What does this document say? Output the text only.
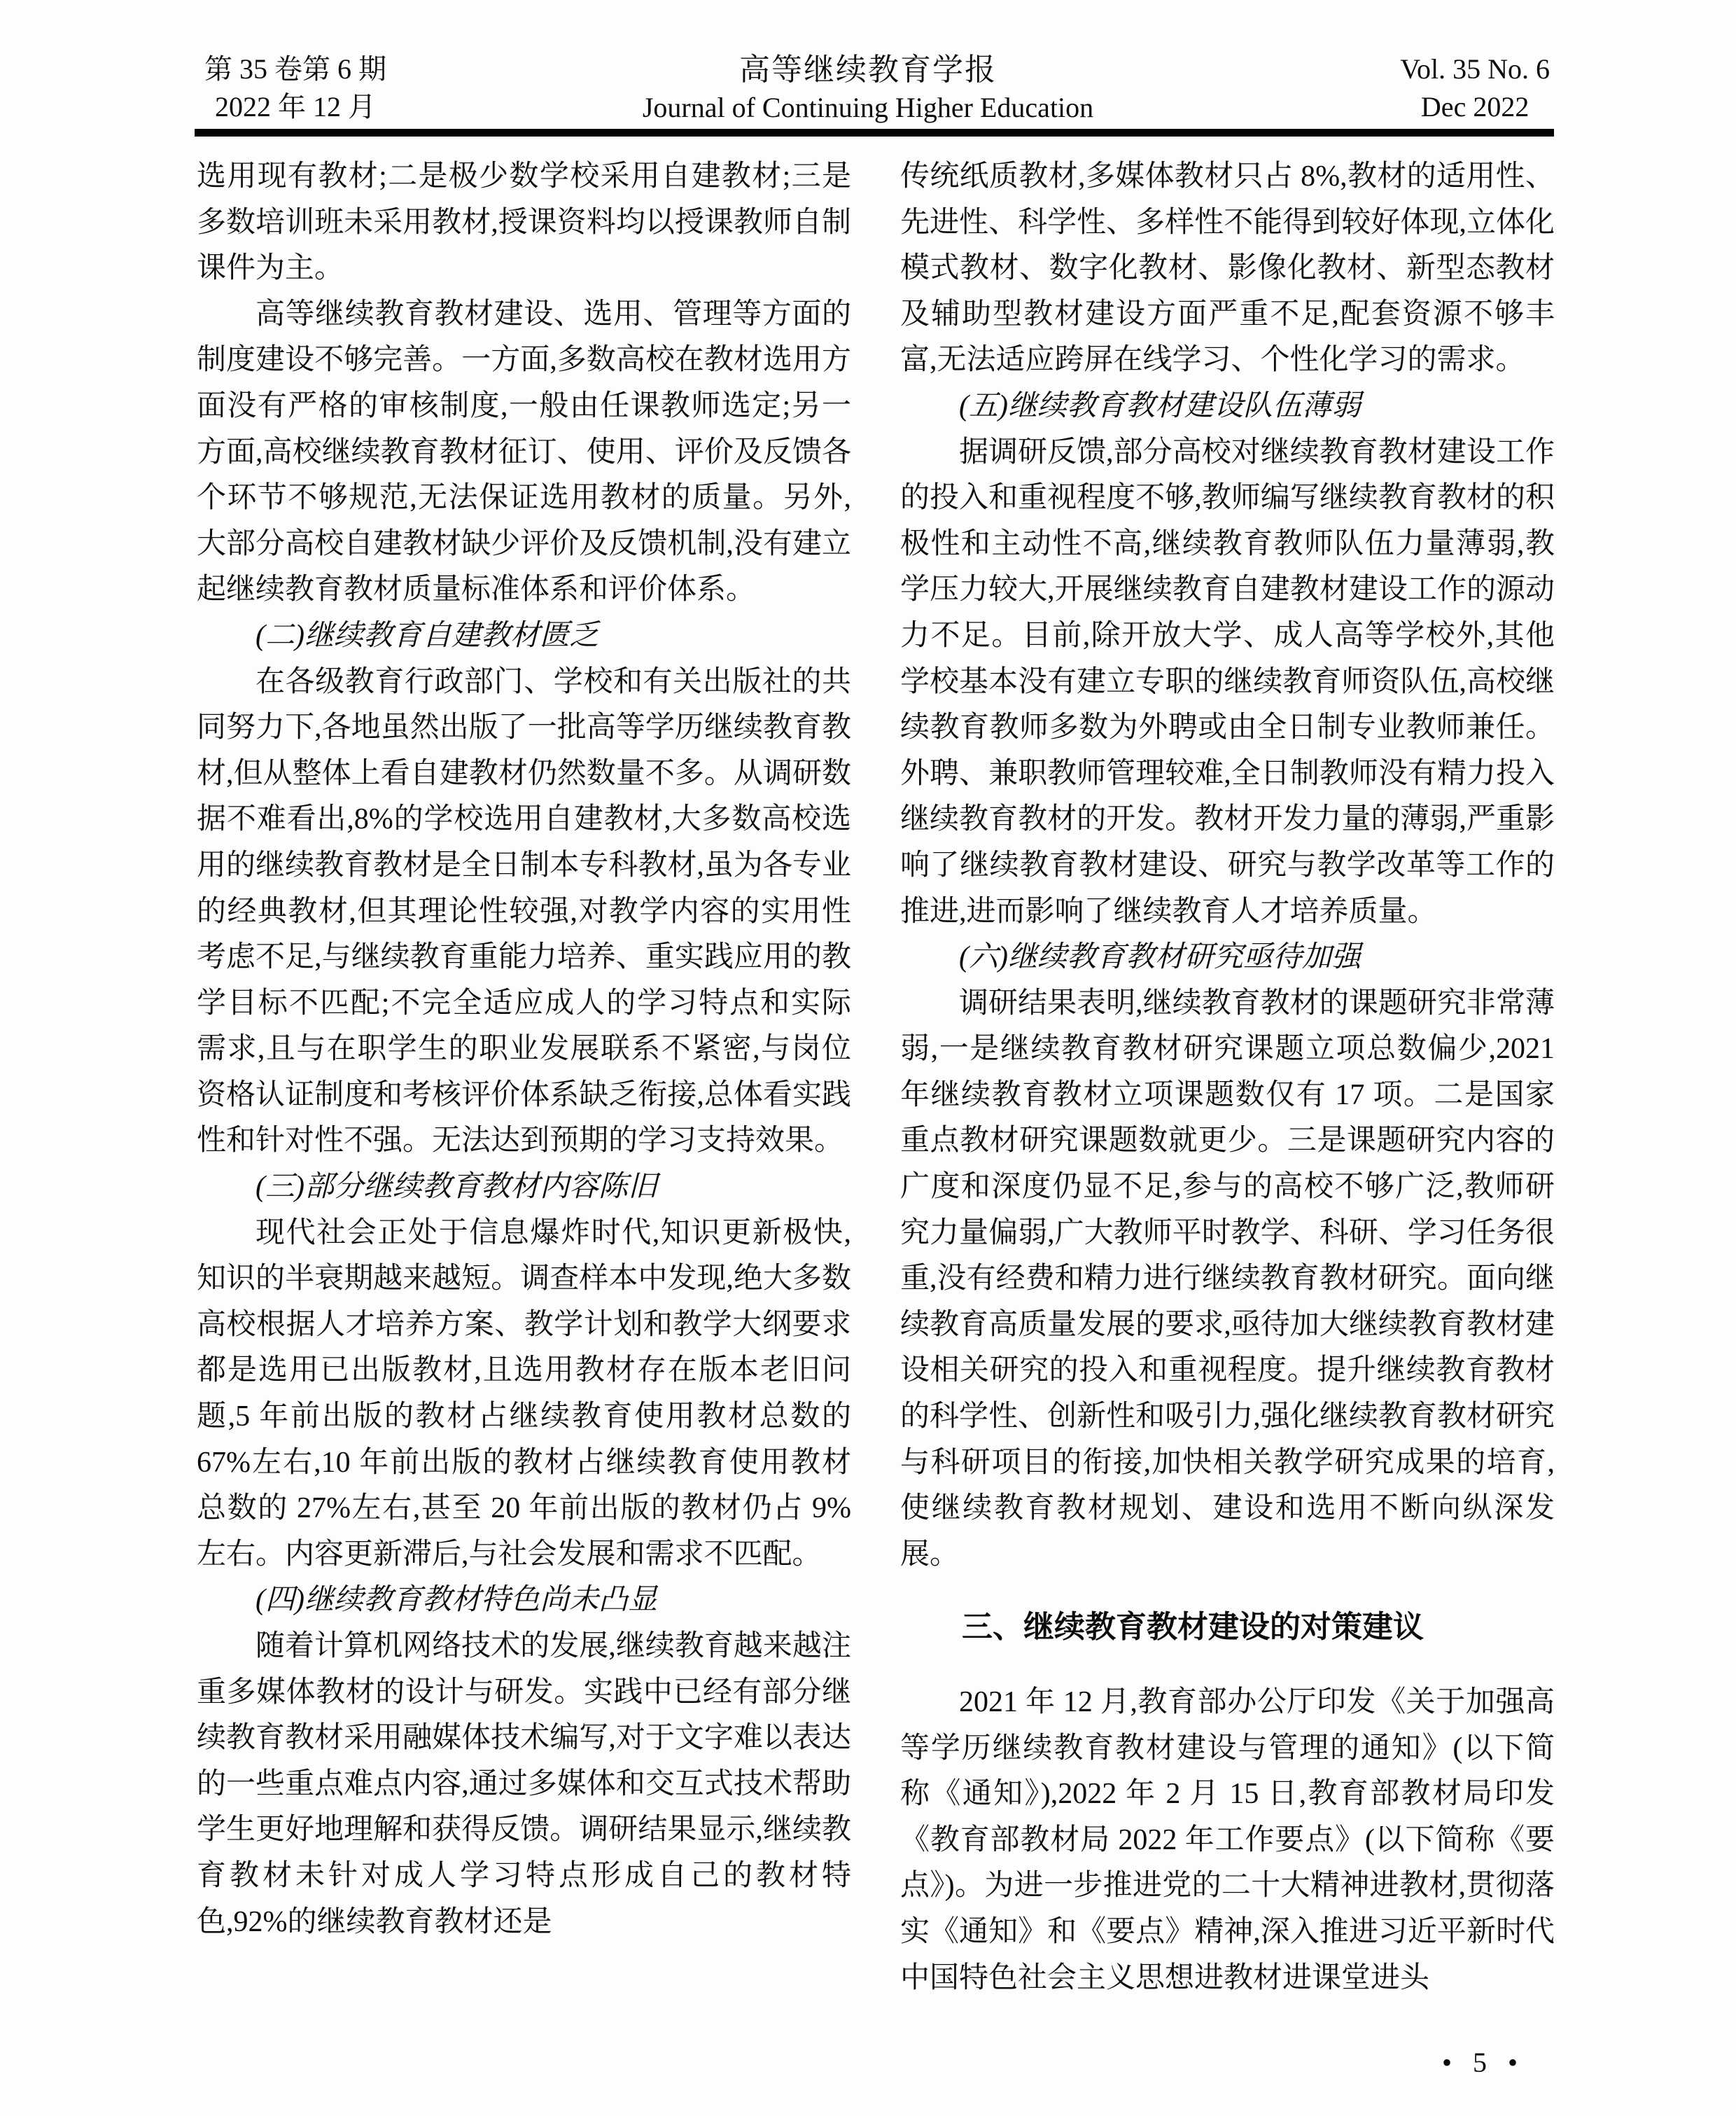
第 35 卷第 6 期
2022 年 12 月
高等继续教育学报
Journal of Continuing Higher Education
Vol. 35 No. 6
Dec 2022

选用现有教材;二是极少数学校采用自建教材;三是多数培训班未采用教材,授课资料均以授课教师自制课件为主。

高等继续教育教材建设、选用、管理等方面的制度建设不够完善。一方面,多数高校在教材选用方面没有严格的审核制度,一般由任课教师选定;另一方面,高校继续教育教材征订、使用、评价及反馈各个环节不够规范,无法保证选用教材的质量。另外,大部分高校自建教材缺少评价及反馈机制,没有建立起继续教育教材质量标准体系和评价体系。

(二)继续教育自建教材匮乏

在各级教育行政部门、学校和有关出版社的共同努力下,各地虽然出版了一批高等学历继续教育教材,但从整体上看自建教材仍然数量不多。从调研数据不难看出,8%的学校选用自建教材,大多数高校选用的继续教育教材是全日制本专科教材,虽为各专业的经典教材,但其理论性较强,对教学内容的实用性考虑不足,与继续教育重能力培养、重实践应用的教学目标不匹配;不完全适应成人的学习特点和实际需求,且与在职学生的职业发展联系不紧密,与岗位资格认证制度和考核评价体系缺乏衔接,总体看实践性和针对性不强。无法达到预期的学习支持效果。

(三)部分继续教育教材内容陈旧

现代社会正处于信息爆炸时代,知识更新极快,知识的半衰期越来越短。调查样本中发现,绝大多数高校根据人才培养方案、教学计划和教学大纲要求都是选用已出版教材,且选用教材存在版本老旧问题,5 年前出版的教材占继续教育使用教材总数的 67%左右,10 年前出版的教材占继续教育使用教材总数的 27%左右,甚至 20 年前出版的教材仍占 9%左右。内容更新滞后,与社会发展和需求不匹配。

(四)继续教育教材特色尚未凸显

随着计算机网络技术的发展,继续教育越来越注重多媒体教材的设计与研发。实践中已经有部分继续教育教材采用融媒体技术编写,对于文字难以表达的一些重点难点内容,通过多媒体和交互式技术帮助学生更好地理解和获得反馈。调研结果显示,继续教育教材未针对成人学习特点形成自己的教材特色,92%的继续教育教材还是

传统纸质教材,多媒体教材只占 8%,教材的适用性、先进性、科学性、多样性不能得到较好体现,立体化模式教材、数字化教材、影像化教材、新型态教材及辅助型教材建设方面严重不足,配套资源不够丰富,无法适应跨屏在线学习、个性化学习的需求。

(五)继续教育教材建设队伍薄弱

据调研反馈,部分高校对继续教育教材建设工作的投入和重视程度不够,教师编写继续教育教材的积极性和主动性不高,继续教育教师队伍力量薄弱,教学压力较大,开展继续教育自建教材建设工作的源动力不足。目前,除开放大学、成人高等学校外,其他学校基本没有建立专职的继续教育师资队伍,高校继续教育教师多数为外聘或由全日制专业教师兼任。外聘、兼职教师管理较难,全日制教师没有精力投入继续教育教材的开发。教材开发力量的薄弱,严重影响了继续教育教材建设、研究与教学改革等工作的推进,进而影响了继续教育人才培养质量。

(六)继续教育教材研究亟待加强

调研结果表明,继续教育教材的课题研究非常薄弱,一是继续教育教材研究课题立项总数偏少,2021 年继续教育教材立项课题数仅有 17 项。二是国家重点教材研究课题数就更少。三是课题研究内容的广度和深度仍显不足,参与的高校不够广泛,教师研究力量偏弱,广大教师平时教学、科研、学习任务很重,没有经费和精力进行继续教育教材研究。面向继续教育高质量发展的要求,亟待加大继续教育教材建设相关研究的投入和重视程度。提升继续教育教材的科学性、创新性和吸引力,强化继续教育教材研究与科研项目的衔接,加快相关教学研究成果的培育,使继续教育教材规划、建设和选用不断向纵深发展。

三、继续教育教材建设的对策建议

2021 年 12 月,教育部办公厅印发《关于加强高等学历继续教育教材建设与管理的通知》(以下简称《通知》),2022 年 2 月 15 日,教育部教材局印发《教育部教材局 2022 年工作要点》(以下简称《要点》)。为进一步推进党的二十大精神进教材,贯彻落实《通知》和《要点》精神,深入推进习近平新时代中国特色社会主义思想进教材进课堂进头

• 5 •
